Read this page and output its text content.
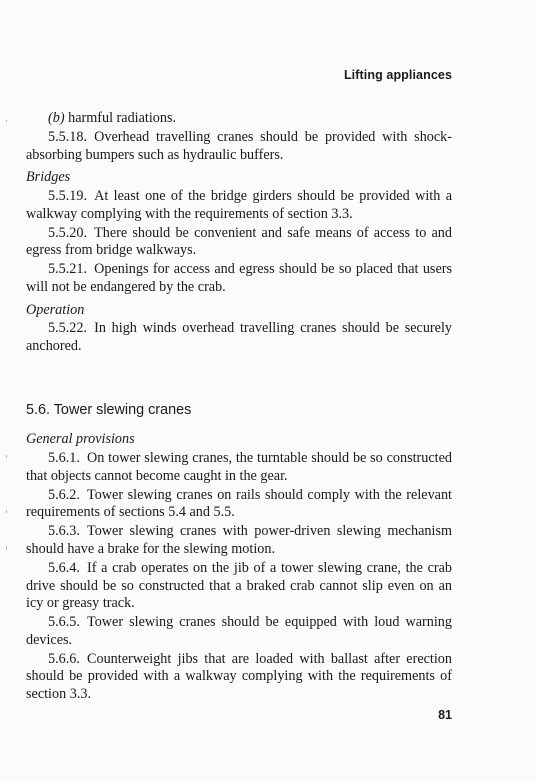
Lifting appliances

(b) harmful radiations.

5.5.18.  Overhead travelling cranes should be provided with shock-absorbing bumpers such as hydraulic buffers.

Bridges

5.5.19.  At least one of the bridge girders should be provided with a walkway complying with the requirements of section 3.3.

5.5.20.  There should be convenient and safe means of access to and egress from bridge walkways.

5.5.21.  Openings for access and egress should be so placed that users will not be endangered by the crab.

Operation

5.5.22.  In high winds overhead travelling cranes should be securely anchored.

5.6. Tower slewing cranes

General provisions

5.6.1.  On tower slewing cranes, the turntable should be so constructed that objects cannot become caught in the gear.

5.6.2.  Tower slewing cranes on rails should comply with the relevant requirements of sections 5.4 and 5.5.

5.6.3.  Tower slewing cranes with power-driven slewing mechanism should have a brake for the slewing motion.

5.6.4.  If a crab operates on the jib of a tower slewing crane, the crab drive should be so constructed that a braked crab cannot slip even on an icy or greasy track.

5.6.5.  Tower slewing cranes should be equipped with loud warning devices.

5.6.6.  Counterweight jibs that are loaded with ballast after erection should be provided with a walkway complying with the requirements of section 3.3.

81
